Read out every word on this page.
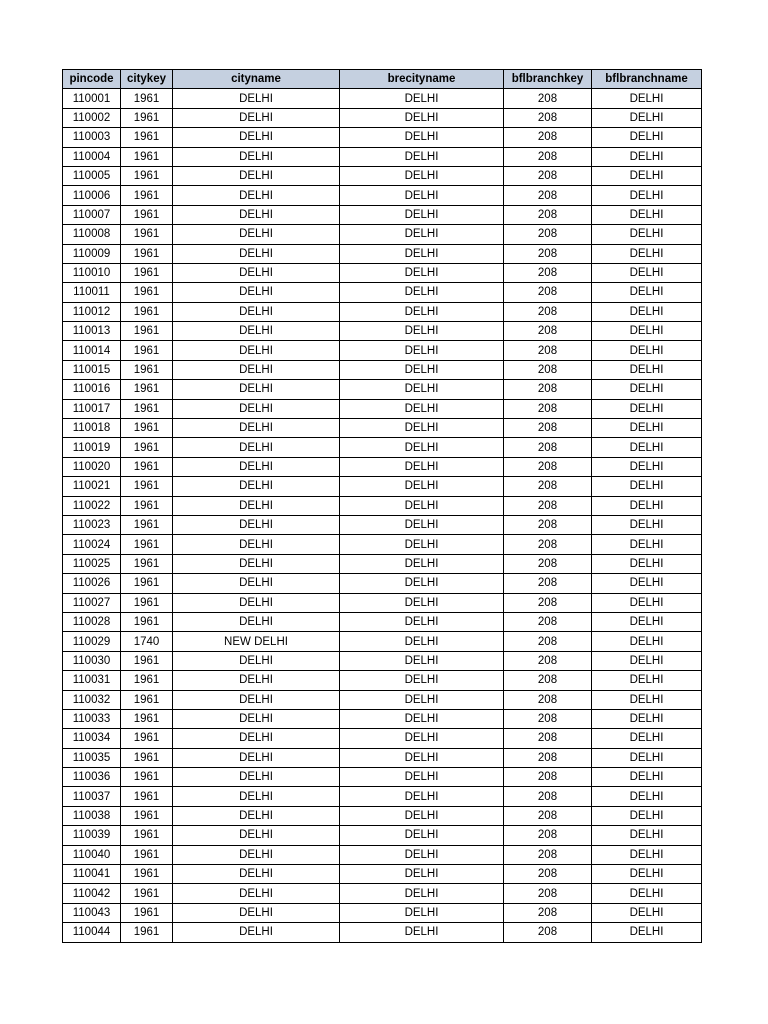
pincode	citykey	cityname	brecityname	bflbranchkey	bflbranchname
110001	1961	DELHI	DELHI	208	DELHI
110002	1961	DELHI	DELHI	208	DELHI
110003	1961	DELHI	DELHI	208	DELHI
110004	1961	DELHI	DELHI	208	DELHI
110005	1961	DELHI	DELHI	208	DELHI
110006	1961	DELHI	DELHI	208	DELHI
110007	1961	DELHI	DELHI	208	DELHI
110008	1961	DELHI	DELHI	208	DELHI
110009	1961	DELHI	DELHI	208	DELHI
110010	1961	DELHI	DELHI	208	DELHI
110011	1961	DELHI	DELHI	208	DELHI
110012	1961	DELHI	DELHI	208	DELHI
110013	1961	DELHI	DELHI	208	DELHI
110014	1961	DELHI	DELHI	208	DELHI
110015	1961	DELHI	DELHI	208	DELHI
110016	1961	DELHI	DELHI	208	DELHI
110017	1961	DELHI	DELHI	208	DELHI
110018	1961	DELHI	DELHI	208	DELHI
110019	1961	DELHI	DELHI	208	DELHI
110020	1961	DELHI	DELHI	208	DELHI
110021	1961	DELHI	DELHI	208	DELHI
110022	1961	DELHI	DELHI	208	DELHI
110023	1961	DELHI	DELHI	208	DELHI
110024	1961	DELHI	DELHI	208	DELHI
110025	1961	DELHI	DELHI	208	DELHI
110026	1961	DELHI	DELHI	208	DELHI
110027	1961	DELHI	DELHI	208	DELHI
110028	1961	DELHI	DELHI	208	DELHI
110029	1740	NEW DELHI	DELHI	208	DELHI
110030	1961	DELHI	DELHI	208	DELHI
110031	1961	DELHI	DELHI	208	DELHI
110032	1961	DELHI	DELHI	208	DELHI
110033	1961	DELHI	DELHI	208	DELHI
110034	1961	DELHI	DELHI	208	DELHI
110035	1961	DELHI	DELHI	208	DELHI
110036	1961	DELHI	DELHI	208	DELHI
110037	1961	DELHI	DELHI	208	DELHI
110038	1961	DELHI	DELHI	208	DELHI
110039	1961	DELHI	DELHI	208	DELHI
110040	1961	DELHI	DELHI	208	DELHI
110041	1961	DELHI	DELHI	208	DELHI
110042	1961	DELHI	DELHI	208	DELHI
110043	1961	DELHI	DELHI	208	DELHI
110044	1961	DELHI	DELHI	208	DELHI
